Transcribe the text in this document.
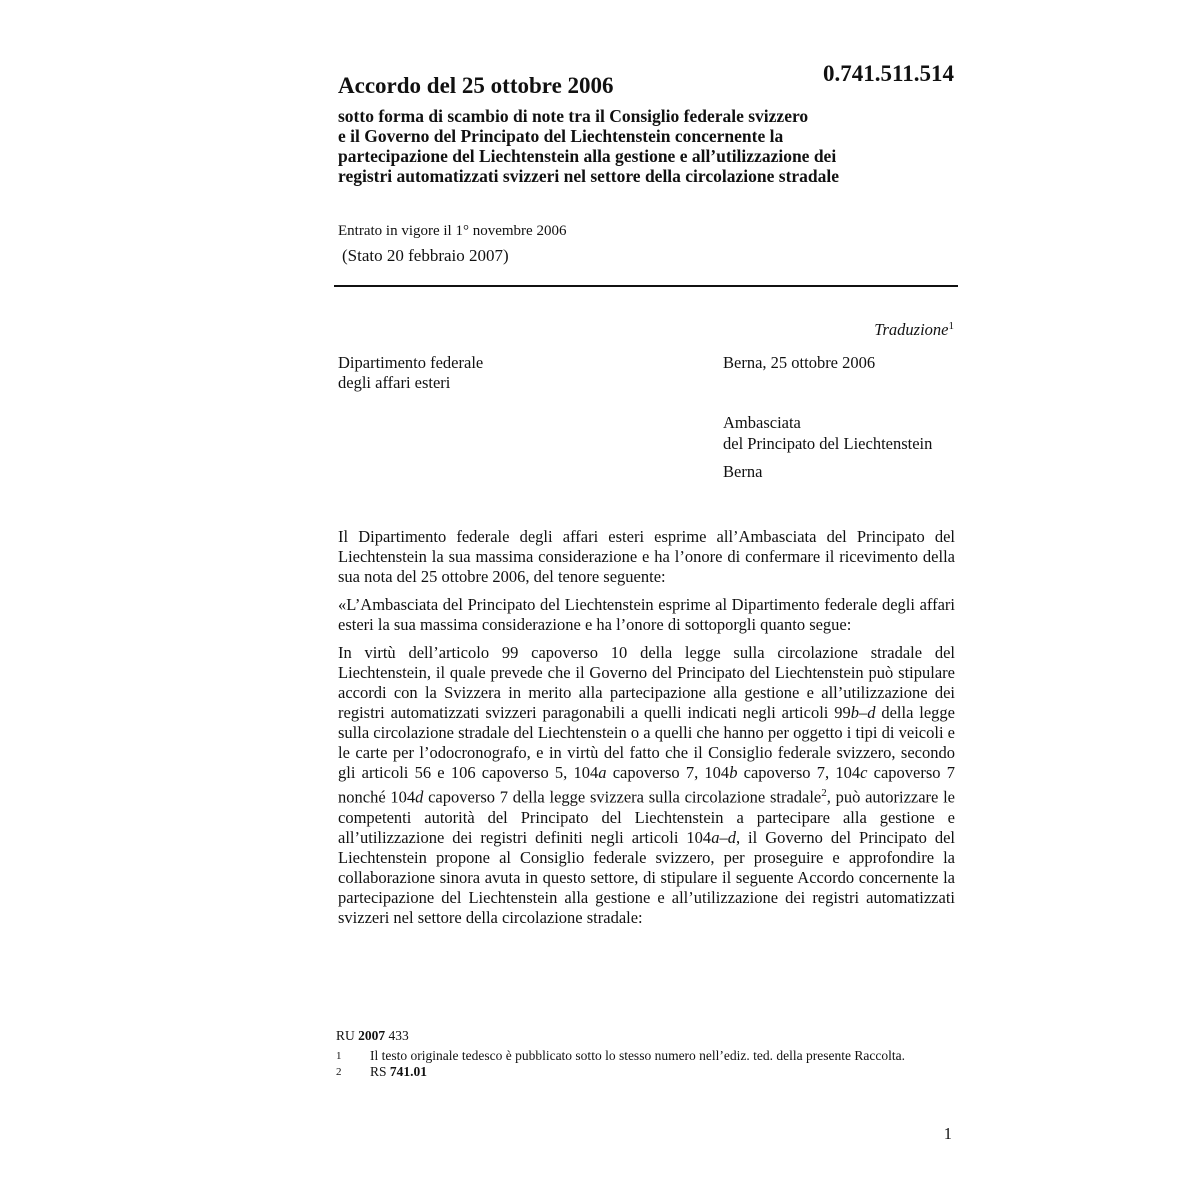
Accordo del 25 ottobre 2006	0.741.511.514
sotto forma di scambio di note tra il Consiglio federale svizzero
e il Governo del Principato del Liechtenstein concernente la
partecipazione del Liechtenstein alla gestione e all’utilizzazione dei
registri automatizzati svizzeri nel settore della circolazione stradale
Entrato in vigore il 1° novembre 2006
(Stato 20 febbraio 2007)
Traduzione$^1$
Dipartimento federale
degli affari esteri
Berna, 25 ottobre 2006
Ambasciata
del Principato del Liechtenstein
Berna

Il Dipartimento federale degli affari esteri esprime all’Ambasciata del Principato del Liechtenstein la sua massima considerazione e ha l’onore di confermare il ricevimento della sua nota del 25 ottobre 2006, del tenore seguente:

«L’Ambasciata del Principato del Liechtenstein esprime al Dipartimento federale degli affari esteri la sua massima considerazione e ha l’onore di sottoporgli quanto segue:

In virtù dell’articolo 99 capoverso 10 della legge sulla circolazione stradale del Liechtenstein, il quale prevede che il Governo del Principato del Liechtenstein può stipulare accordi con la Svizzera in merito alla partecipazione alla gestione e all’utilizzazione dei registri automatizzati svizzeri paragonabili a quelli indicati negli articoli 99b–d della legge sulla circolazione stradale del Liechtenstein o a quelli che hanno per oggetto i tipi di veicoli e le carte per l’odocronografo, e in virtù del fatto che il Consiglio federale svizzero, secondo gli articoli 56 e 106 capoverso 5, 104a capoverso 7, 104b capoverso 7, 104c capoverso 7 nonché 104d capoverso 7 della legge svizzera sulla circolazione stradale$^2$, può autorizzare le competenti autorità del Principato del Liechtenstein a partecipare alla gestione e all’utilizzazione dei registri definiti negli articoli 104a–d, il Governo del Principato del Liechtenstein propone al Consiglio federale svizzero, per proseguire e approfondire la collaborazione sinora avuta in questo settore, di stipulare il seguente Accordo concernente la partecipazione del Liechtenstein alla gestione e all’utilizzazione dei registri automatizzati svizzeri nel settore della circolazione stradale:

RU 2007 433
1	Il testo originale tedesco è pubblicato sotto lo stesso numero nell’ediz. ted. della presente Raccolta.
2	RS 741.01
1
